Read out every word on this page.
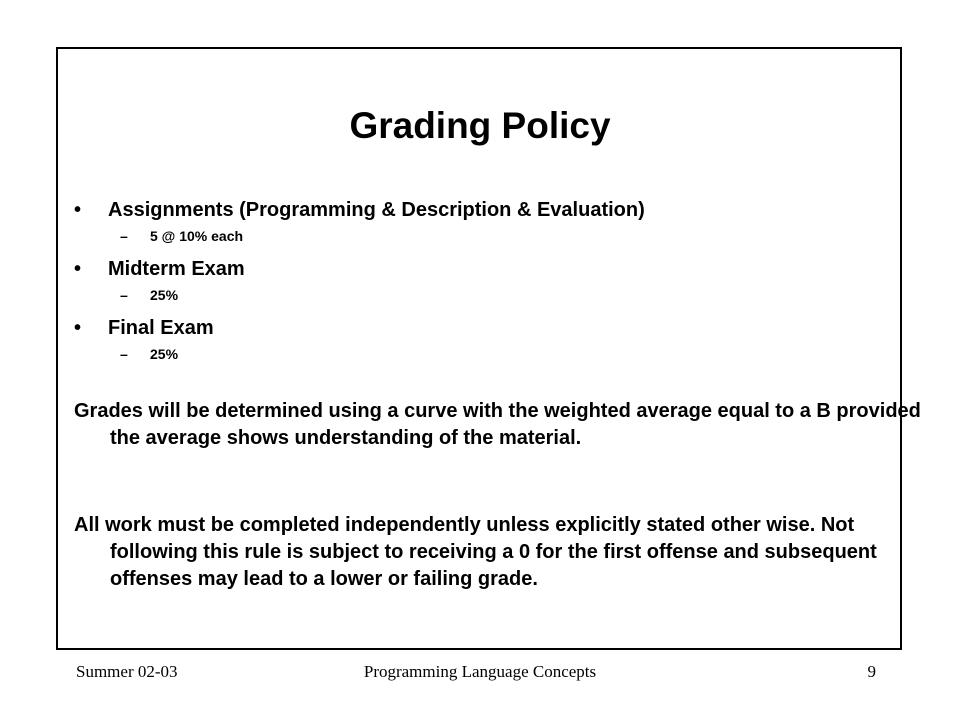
Grading Policy
•	Assignments (Programming & Description & Evaluation)
–	5 @ 10% each
•	Midterm Exam
–	25%
•	Final Exam
–	25%

Grades will be determined using a curve with the weighted average equal to a B provided the average shows understanding of the material.

All work must be completed independently unless explicitly stated other wise. Not following this rule is subject to receiving a 0 for the first offense and subsequent offenses may lead to a lower or failing grade.

Summer 02-03	Programming Language Concepts	9
